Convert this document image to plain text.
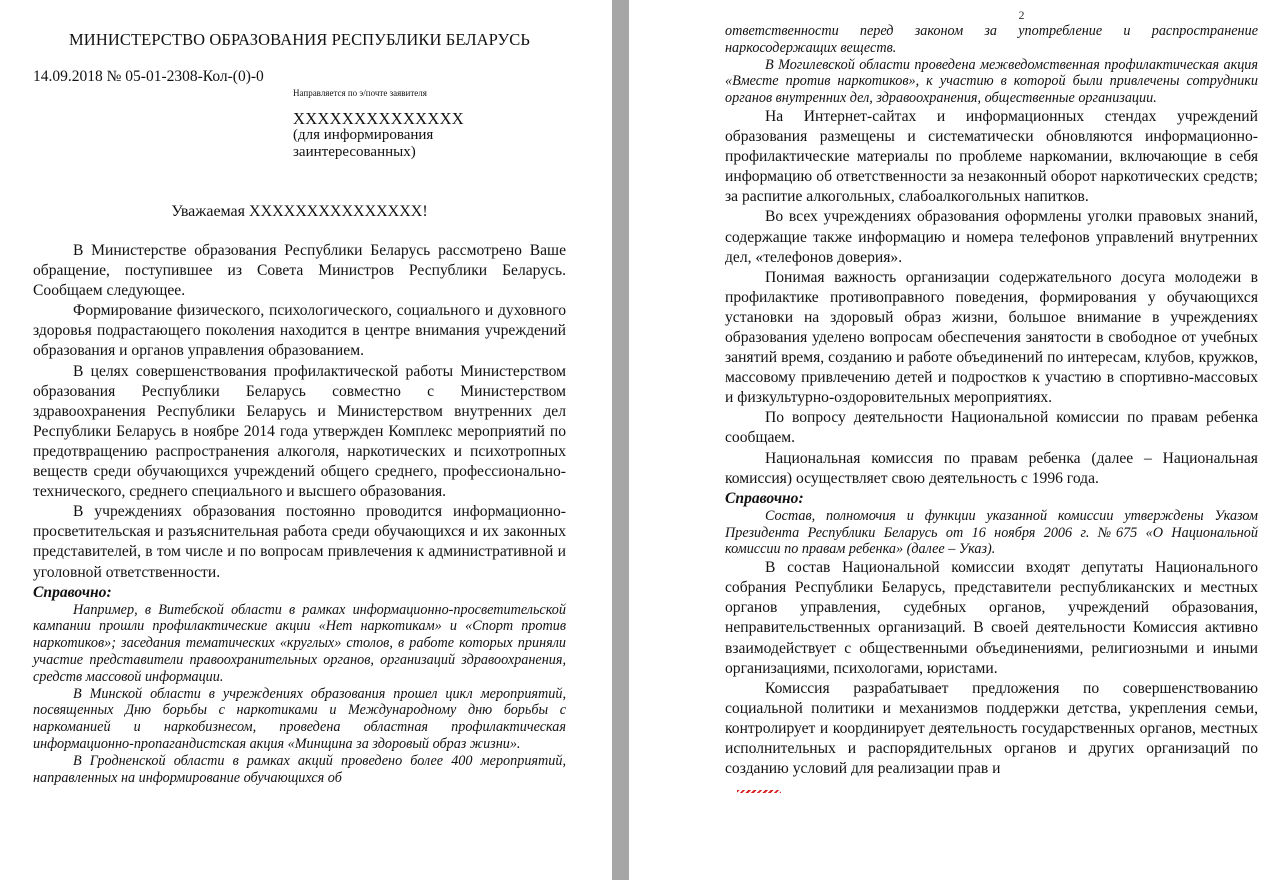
МИНИСТЕРСТВО ОБРАЗОВАНИЯ РЕСПУБЛИКИ БЕЛАРУСЬ
14.09.2018 № 05-01-2308-Кол-(0)-0
Направляется по э/почте заявителя
ХХХХХХХХХХХХХХ
(для информирования
заинтересованных)
Уважаемая ХХХХХХХХХХХХХХХ!

В Министерстве образования Республики Беларусь рассмотрено Ваше обращение, поступившее из Совета Министров Республики Беларусь. Сообщаем следующее.

Формирование физического, психологического, социального и духовного здоровья подрастающего поколения находится в центре внимания учреждений образования и органов управления образованием.

В целях совершенствования профилактической работы Министерством образования Республики Беларусь совместно с Министерством здравоохранения Республики Беларусь и Министерством внутренних дел Республики Беларусь в ноябре 2014 года утвержден Комплекс мероприятий по предотвращению распространения алкоголя, наркотических и психотропных веществ среди обучающихся учреждений общего среднего, профессионально-технического, среднего специального и высшего образования.

В учреждениях образования постоянно проводится информационно-просветительская и разъяснительная работа среди обучающихся и их законных представителей, в том числе и по вопросам привлечения к административной и уголовной ответственности.

Справочно:

Например, в Витебской области в рамках информационно-просветительской кампании прошли профилактические акции «Нет наркотикам» и «Спорт против наркотиков»; заседания тематических «круглых» столов, в работе которых приняли участие представители правоохранительных органов, организаций здравоохранения, средств массовой информации.

В Минской области в учреждениях образования прошел цикл мероприятий, посвященных Дню борьбы с наркотиками и Международному дню борьбы с наркоманией и наркобизнесом, проведена областная профилактическая информационно-пропагандистская акция «Минщина за здоровый образ жизни».

В Гродненской области в рамках акций проведено более 400 мероприятий, направленных на информирование обучающихся об

2

ответственности перед законом за употребление и распространение наркосодержащих веществ.

В Могилевской области проведена межведомственная профилактическая акция «Вместе против наркотиков», к участию в которой были привлечены сотрудники органов внутренних дел, здравоохранения, общественные организации.

На Интернет-сайтах и информационных стендах учреждений образования размещены и систематически обновляются информационно-профилактические материалы по проблеме наркомании, включающие в себя информацию об ответственности за незаконный оборот наркотических средств; за распитие алкогольных, слабоалкогольных напитков.

Во всех учреждениях образования оформлены уголки правовых знаний, содержащие также информацию и номера телефонов управлений внутренних дел, «телефонов доверия».

Понимая важность организации содержательного досуга молодежи в профилактике противоправного поведения, формирования у обучающихся установки на здоровый образ жизни, большое внимание в учреждениях образования уделено вопросам обеспечения занятости в свободное от учебных занятий время, созданию и работе объединений по интересам, клубов, кружков, массовому привлечению детей и подростков к участию в спортивно-массовых и физкультурно-оздоровительных мероприятиях.

По вопросу деятельности Национальной комиссии по правам ребенка сообщаем.

Национальная комиссия по правам ребенка (далее – Национальная комиссия) осуществляет свою деятельность с 1996 года.

Справочно:

Состав, полномочия и функции указанной комиссии утверждены Указом Президента Республики Беларусь от 16 ноября 2006 г. №675 «О Национальной комиссии по правам ребенка» (далее – Указ).

В состав Национальной комиссии входят депутаты Национального собрания Республики Беларусь, представители республиканских и местных органов управления, судебных органов, учреждений образования, неправительственных организаций. В своей деятельности Комиссия активно взаимодействует с общественными объединениями, религиозными и иными организациями, психологами, юристами.

Комиссия разрабатывает предложения по совершенствованию социальной политики и механизмов поддержки детства, укрепления семьи, контролирует и координирует деятельность государственных органов, местных исполнительных и распорядительных органов и других организаций по созданию условий для реализации прав и
